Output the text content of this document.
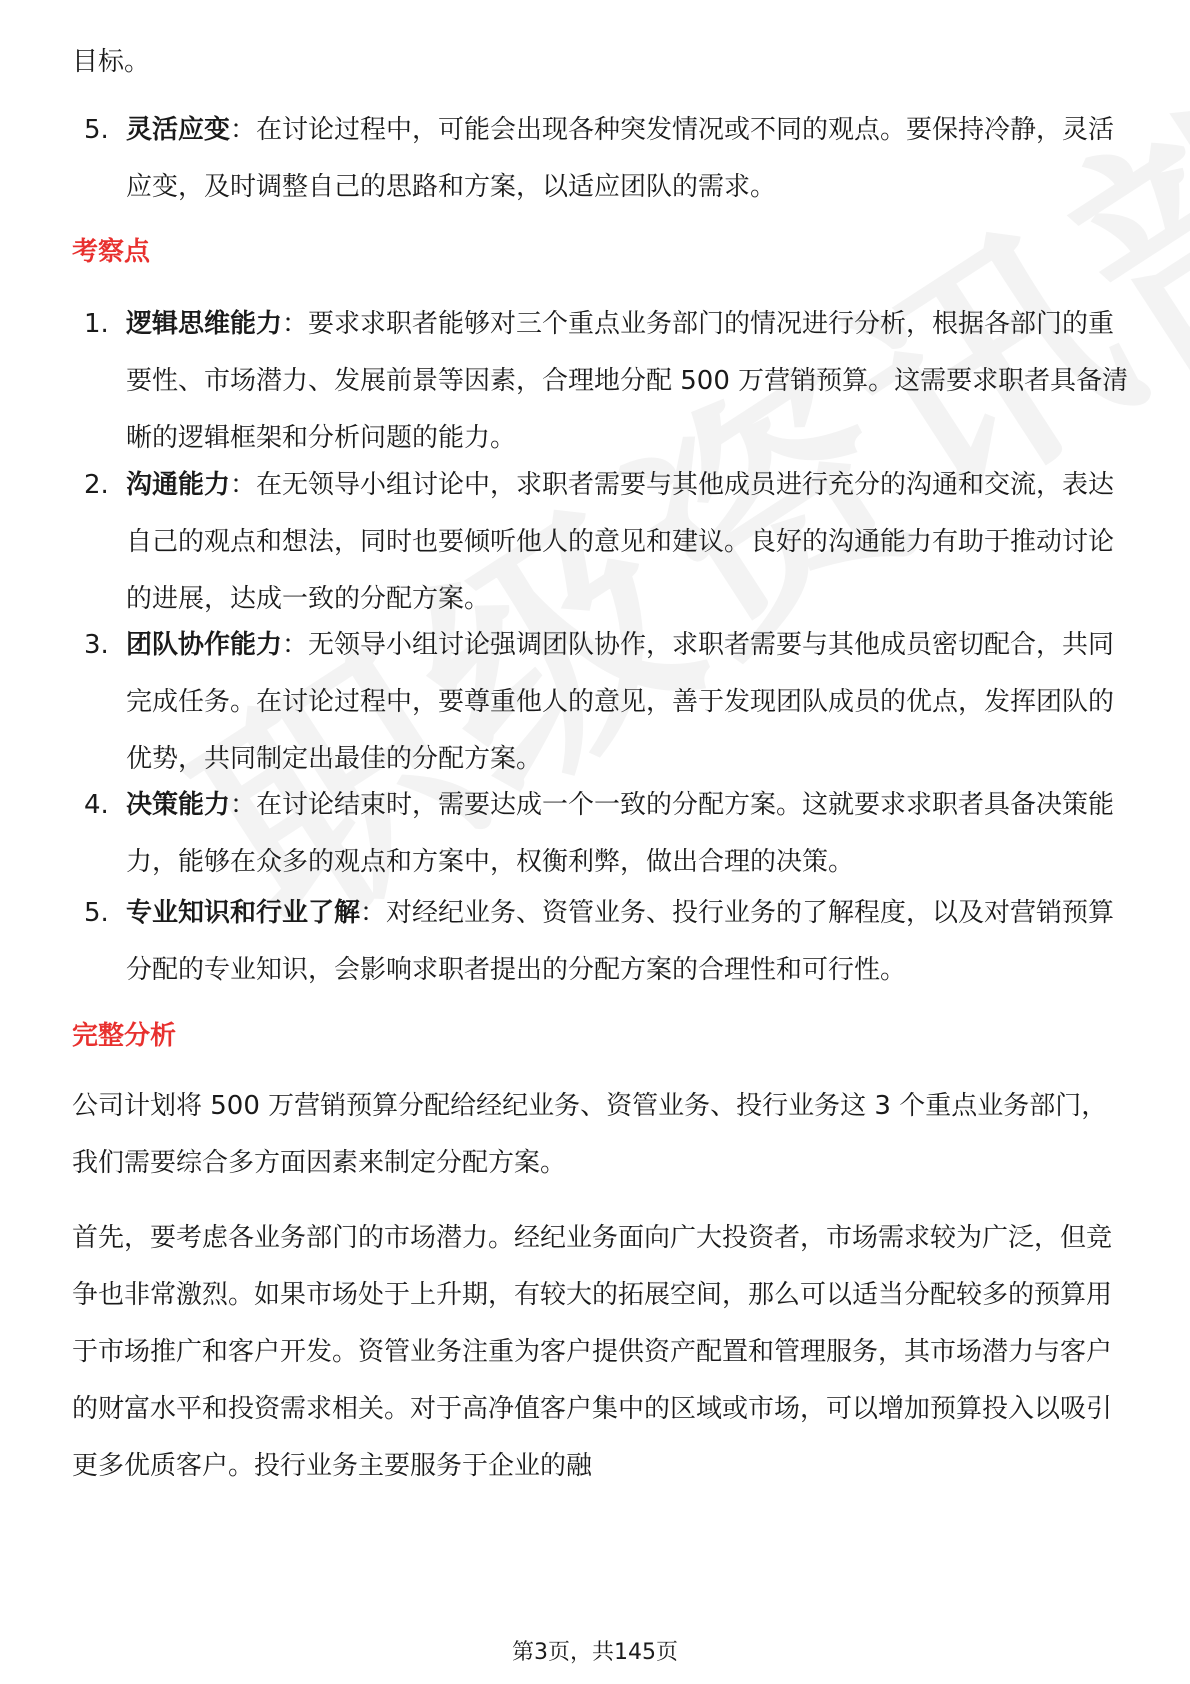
目标。

5. 灵活应变：在讨论过程中，可能会出现各种突发情况或不同的观点。要保持冷静，灵活应变，及时调整自己的思路和方案，以适应团队的需求。
考察点
1. 逻辑思维能力：要求求职者能够对三个重点业务部门的情况进行分析，根据各部门的重要性、市场潜力、发展前景等因素，合理地分配 500 万营销预算。这需要求职者具备清晰的逻辑框架和分析问题的能力。
2. 沟通能力：在无领导小组讨论中，求职者需要与其他成员进行充分的沟通和交流，表达自己的观点和想法，同时也要倾听他人的意见和建议。良好的沟通能力有助于推动讨论的进展，达成一致的分配方案。
3. 团队协作能力：无领导小组讨论强调团队协作，求职者需要与其他成员密切配合，共同完成任务。在讨论过程中，要尊重他人的意见，善于发现团队成员的优点，发挥团队的优势，共同制定出最佳的分配方案。
4. 决策能力：在讨论结束时，需要达成一个一致的分配方案。这就要求求职者具备决策能力，能够在众多的观点和方案中，权衡利弊，做出合理的决策。
5. 专业知识和行业了解：对经纪业务、资管业务、投行业务的了解程度，以及对营销预算分配的专业知识，会影响求职者提出的分配方案的合理性和可行性。
完整分析

公司计划将 500 万营销预算分配给经纪业务、资管业务、投行业务这 3 个重点业务部门，我们需要综合多方面因素来制定分配方案。

首先，要考虑各业务部门的市场潜力。经纪业务面向广大投资者，市场需求较为广泛，但竞争也非常激烈。如果市场处于上升期，有较大的拓展空间，那么可以适当分配较多的预算用于市场推广和客户开发。资管业务注重为客户提供资产配置和管理服务，其市场潜力与客户的财富水平和投资需求相关。对于高净值客户集中的区域或市场，可以增加预算投入以吸引更多优质客户。投行业务主要服务于企业的融

第3页，共145页
